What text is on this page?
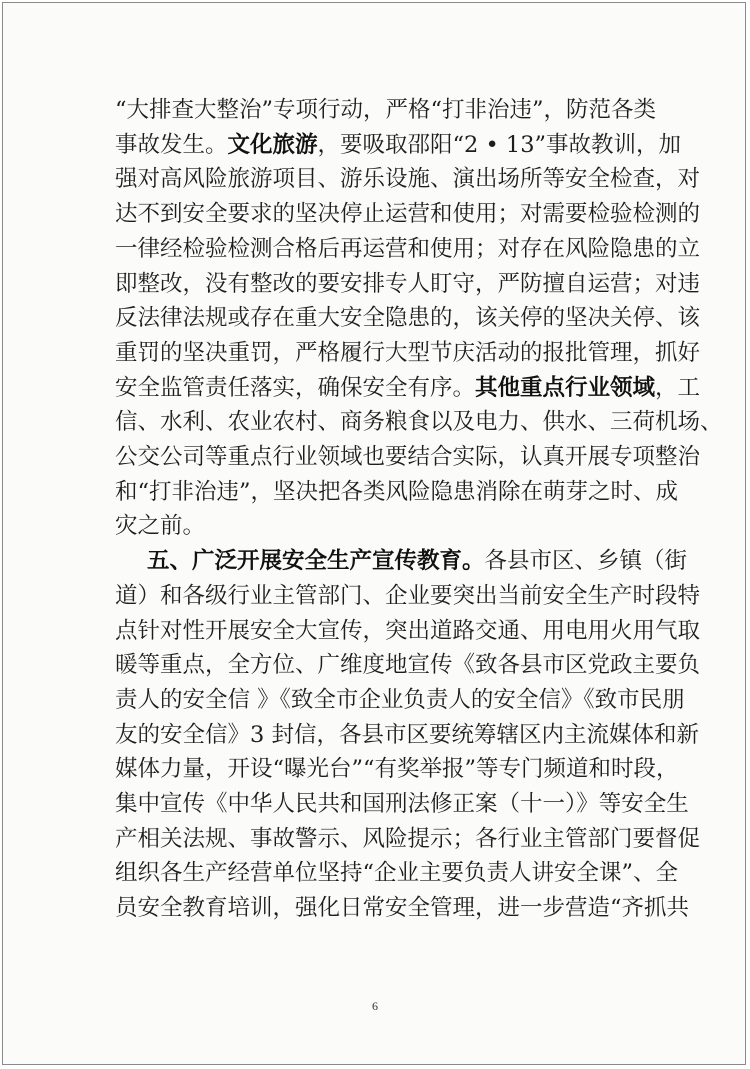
“大排查大整治”专项行动，严格“打非治违”，防范各类
事故发生。文化旅游，要吸取邵阳“2 • 13”事故教训，加
强对高风险旅游项目、游乐设施、演出场所等安全检查，对
达不到安全要求的坚决停止运营和使用；对需要检验检测的
一律经检验检测合格后再运营和使用；对存在风险隐患的立
即整改，没有整改的要安排专人盯守，严防擅自运营；对违
反法律法规或存在重大安全隐患的，该关停的坚决关停、该
重罚的坚决重罚，严格履行大型节庆活动的报批管理，抓好
安全监管责任落实，确保安全有序。其他重点行业领域，工
信、水利、农业农村、商务粮食以及电力、供水、三荷机场、
公交公司等重点行业领域也要结合实际，认真开展专项整治
和“打非治违”，坚决把各类风险隐患消除在萌芽之时、成
灾之前。
五、广泛开展安全生产宣传教育。各县市区、乡镇（街
道）和各级行业主管部门、企业要突出当前安全生产时段特
点针对性开展安全大宣传，突出道路交通、用电用火用气取
暖等重点，全方位、广维度地宣传《致各县市区党政主要负
责人的安全信 》《致全市企业负责人的安全信》《致市民朋
友的安全信》3 封信，各县市区要统筹辖区内主流媒体和新
媒体力量，开设“曝光台”“有奖举报”等专门频道和时段，
集中宣传《中华人民共和国刑法修正案（十一）》等安全生
产相关法规、事故警示、风险提示；各行业主管部门要督促
组织各生产经营单位坚持“企业主要负责人讲安全课”、全
员安全教育培训，强化日常安全管理，进一步营造“齐抓共
6
